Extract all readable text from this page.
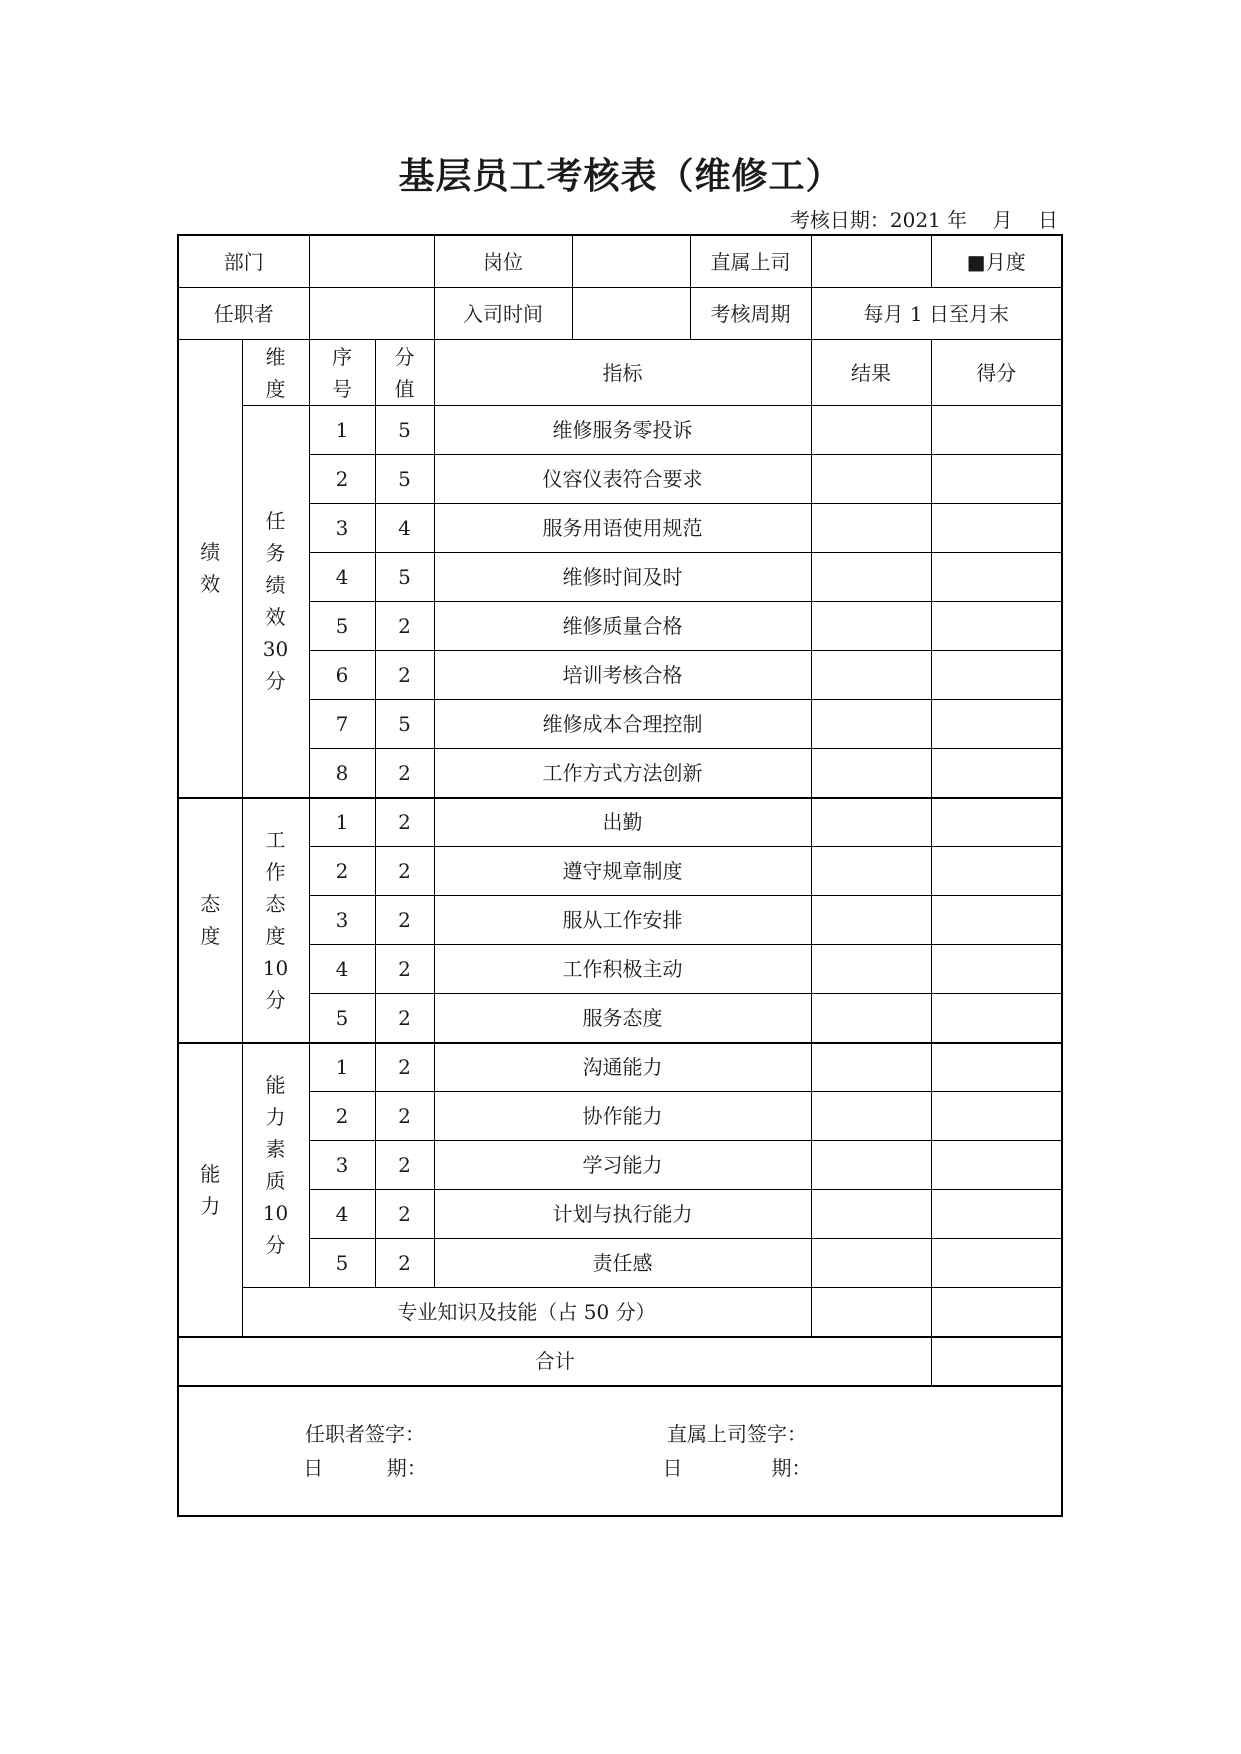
基层员工考核表（维修工）
考核日期：2021 年    月    日
部门				岗位 直属上司		■月度
任职者				入司时间 考核周期	每月 1 日至月末	
绩效	维度	序号	分值	指标	结果	得分
	任务绩效30分	1	5	维修服务零投诉		
		2	5	仪容仪表符合要求		
		3	4	服务用语使用规范		
		4	5	维修时间及时		
		5	2	维修质量合格		
		6	2	培训考核合格		
		7	5	维修成本合理控制		
		8	2	工作方式方法创新		
态度	工作态度10分	1	2	出勤		
		2	2	遵守规章制度		
		3	2	服从工作安排		
		4	2	工作积极主动		
		5	2	服务态度		
能力	能力素质10分	1	2	沟通能力		
		2	2	协作能力		
		3	2	学习能力		
		4	2	计划与执行能力		
		5	2	责任感		
	专业知识及技能（占 50 分）					
合计						

任职者签字：
日          期：
直属上司签字：
日              期：						
